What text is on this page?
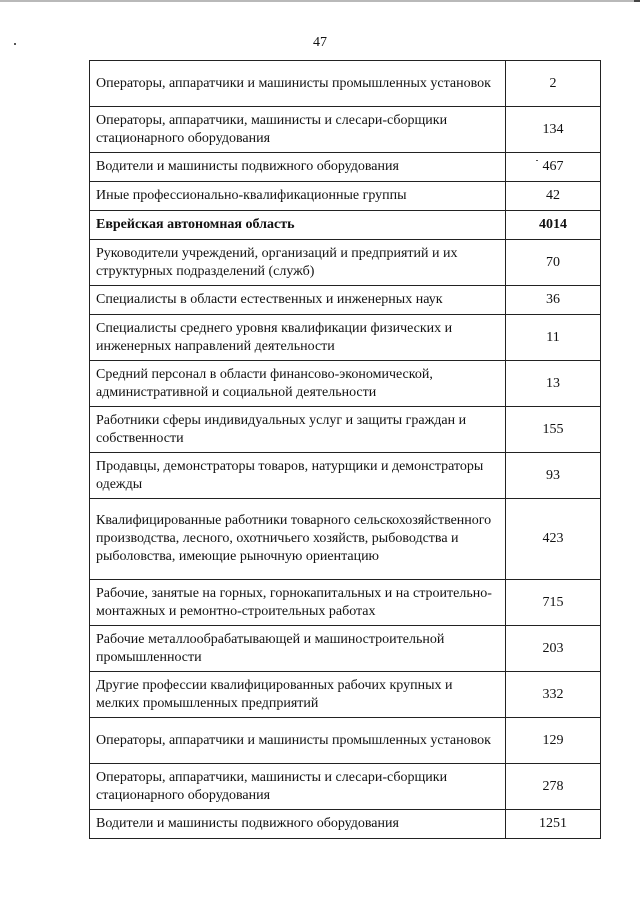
47
Операторы, аппаратчики и машинисты промышленных установок	2
Операторы, аппаратчики, машинисты и слесари-сборщики стационарного оборудования	134
Водители и машинисты подвижного оборудования	467
Иные профессионально-квалификационные группы	42
Еврейская автономная область	4014
Руководители учреждений, организаций и предприятий и их структурных подразделений (служб)	70
Специалисты в области естественных и инженерных наук	36
Специалисты среднего уровня квалификации физических и инженерных направлений деятельности	11
Средний персонал в области финансово-экономической, административной и социальной деятельности	13
Работники сферы индивидуальных услуг и защиты граждан и собственности	155
Продавцы, демонстраторы товаров, натурщики и демонстраторы одежды	93
Квалифицированные работники товарного сельскохозяйственного производства, лесного, охотничьего хозяйств, рыбоводства и рыболовства, имеющие рыночную ориентацию	423
Рабочие, занятые на горных, горнокапитальных и на строительно-монтажных и ремонтно-строительных работах	715
Рабочие металлообрабатывающей и машиностроительной промышленности	203
Другие профессии квалифицированных рабочих крупных и мелких промышленных предприятий	332
Операторы, аппаратчики и машинисты промышленных установок	129
Операторы, аппаратчики, машинисты и слесари-сборщики стационарного оборудования	278
Водители и машинисты подвижного оборудования	1251
